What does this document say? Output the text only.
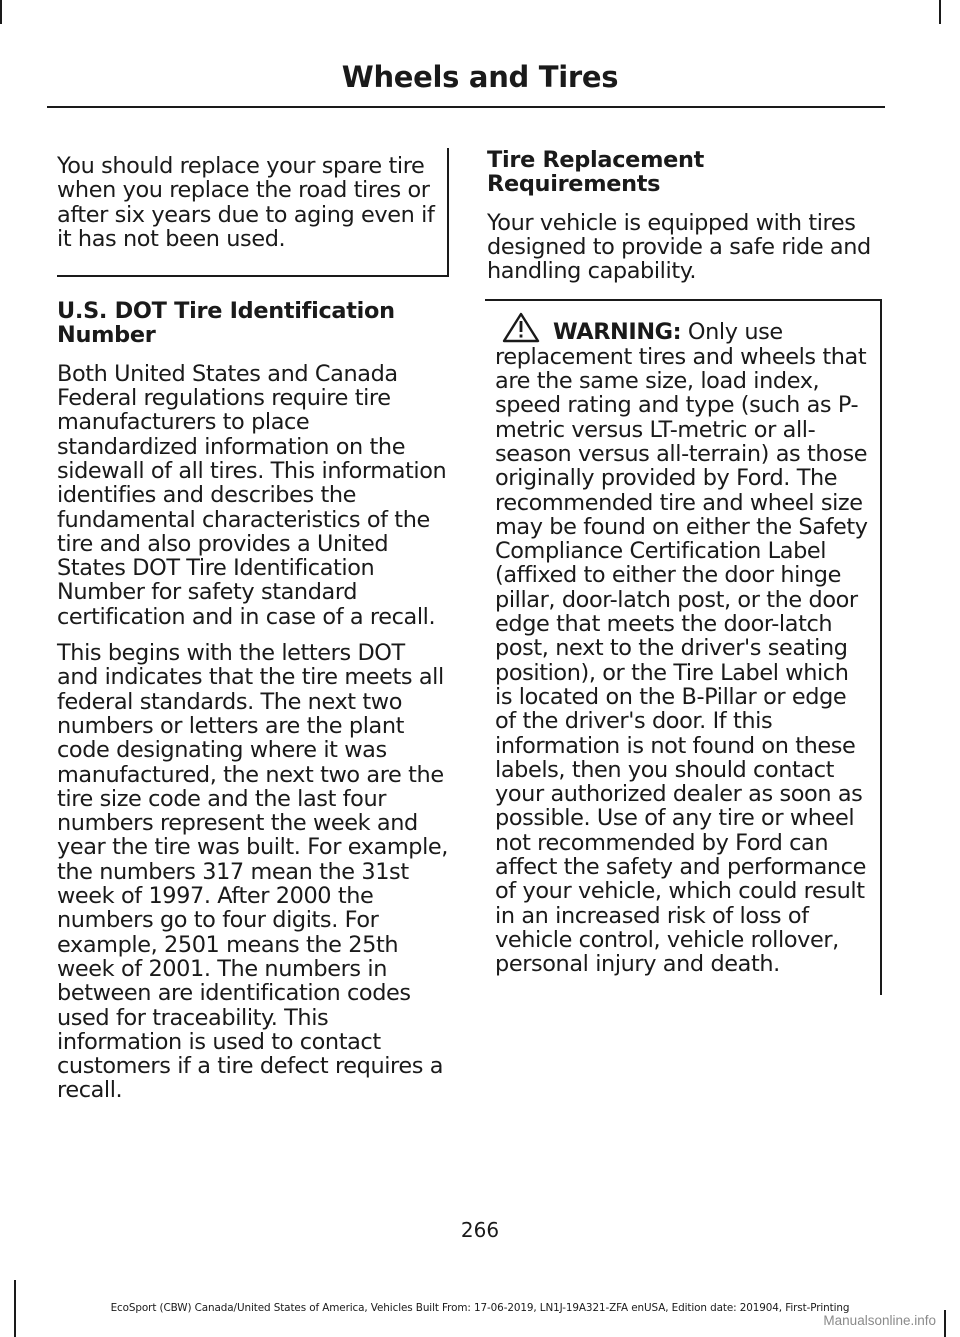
Wheels and Tires

You should replace your spare tire when you replace the road tires or after six years due to aging even if it has not been used.

U.S. DOT Tire Identification Number

Both United States and Canada Federal regulations require tire manufacturers to place standardized information on the sidewall of all tires. This information identifies and describes the fundamental characteristics of the tire and also provides a United States DOT Tire Identification Number for safety standard certification and in case of a recall.

This begins with the letters DOT and indicates that the tire meets all federal standards. The next two numbers or letters are the plant code designating where it was manufactured, the next two are the tire size code and the last four numbers represent the week and year the tire was built. For example, the numbers 317 mean the 31st week of 1997. After 2000 the numbers go to four digits. For example, 2501 means the 25th week of 2001. The numbers in between are identification codes used for traceability. This information is used to contact customers if a tire defect requires a recall.

Tire Replacement Requirements

Your vehicle is equipped with tires designed to provide a safe ride and handling capability.

WARNING: Only use replacement tires and wheels that are the same size, load index, speed rating and type (such as P-metric versus LT-metric or all-season versus all-terrain) as those originally provided by Ford. The recommended tire and wheel size may be found on either the Safety Compliance Certification Label (affixed to either the door hinge pillar, door-latch post, or the door edge that meets the door-latch post, next to the driver's seating position), or the Tire Label which is located on the B-Pillar or edge of the driver's door. If this information is not found on these labels, then you should contact your authorized dealer as soon as possible. Use of any tire or wheel not recommended by Ford can affect the safety and performance of your vehicle, which could result in an increased risk of loss of vehicle control, vehicle rollover, personal injury and death.

266
EcoSport (CBW) Canada/United States of America, Vehicles Built From: 17-06-2019, LN1J-19A321-ZFA enUSA, Edition date: 201904, First-Printing
Manualsonline.info
